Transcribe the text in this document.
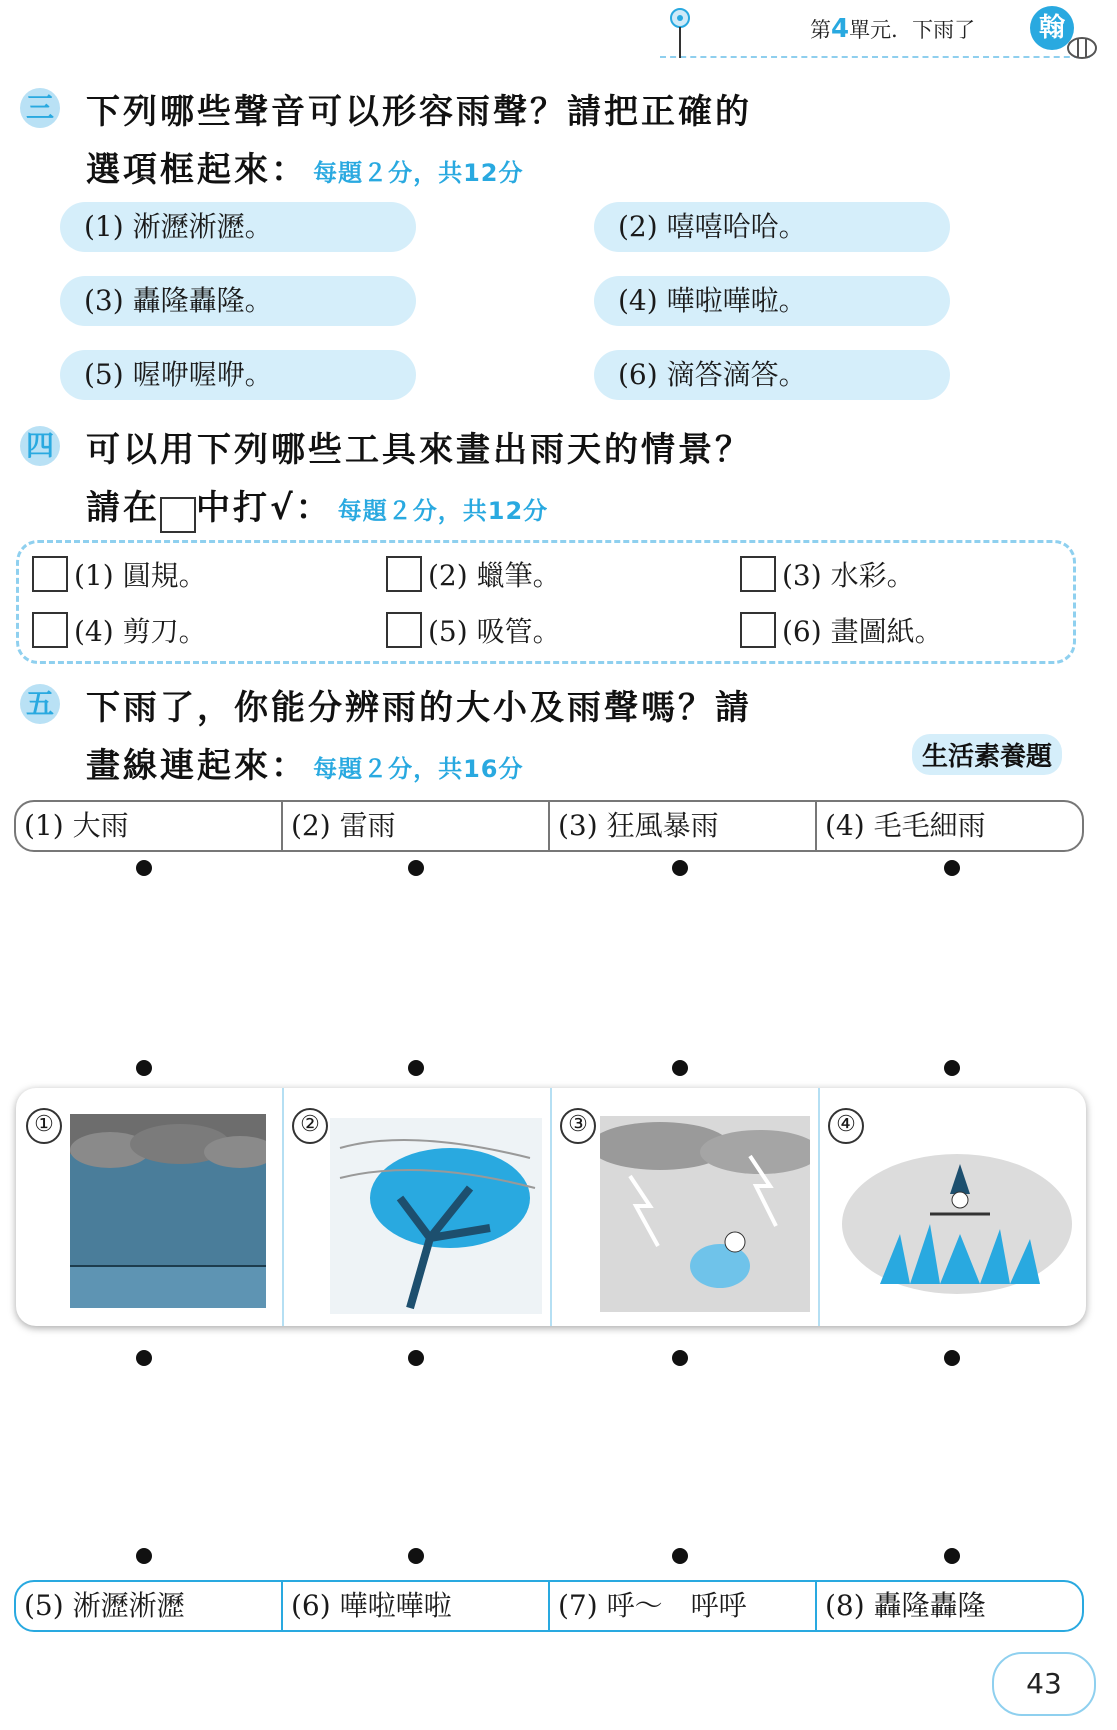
第4單元．下雨了	翰
三 下列哪些聲音可以形容雨聲？請把正確的
選項框起來： 每題２分，共12分
(1) 淅瀝淅瀝。	(2) 嘻嘻哈哈。
(3) 轟隆轟隆。	(4) 嘩啦嘩啦。
(5) 喔咿喔咿。	(6) 滴答滴答。
四 可以用下列哪些工具來畫出雨天的情景？
請在 中打√： 每題２分，共12分
(1) 圓規。	(2) 蠟筆。	(3) 水彩。
(4) 剪刀。	(5) 吸管。	(6) 畫圖紙。
五 下雨了，你能分辨雨的大小及雨聲嗎？請
畫線連起來： 每題２分，共16分	生活素養題
(1) 大雨	(2) 雷雨	(3) 狂風暴雨	(4) 毛毛細雨
①	②	③	④
(5) 淅瀝淅瀝	(6) 嘩啦嘩啦	(7) 呼～　呼呼	(8) 轟隆轟隆
43
